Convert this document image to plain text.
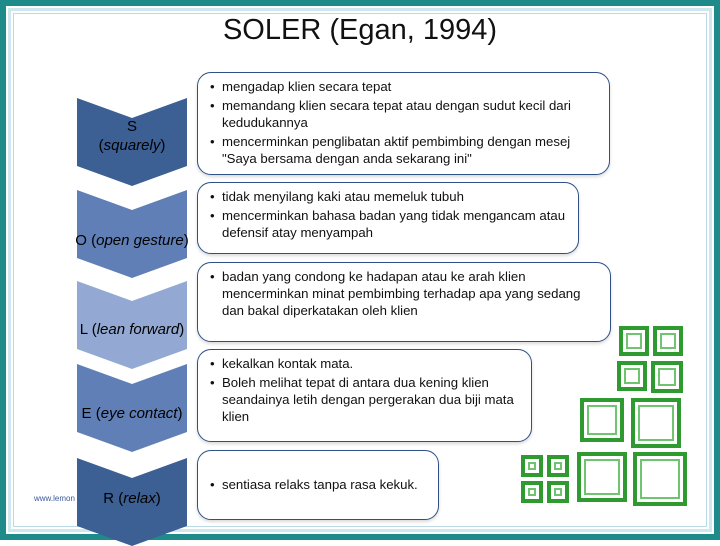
SOLER (Egan, 1994)
S
(squarely)
O (open gesture)
L (lean forward)
E (eye contact)
R (relax)
• mengadap klien secara tepat
• memandang klien secara tepat atau dengan sudut kecil dari kedudukannya
• mencerminkan penglibatan aktif pembimbing dengan mesej "Saya bersama dengan anda sekarang ini"
• tidak menyilang kaki atau memeluk tubuh
• mencerminkan bahasa badan yang tidak mengancam atau defensif atay menyampah
• badan yang condong ke hadapan atau ke arah klien mencerminkan minat pembimbing terhadap apa yang sedang dan bakal diperkatakan oleh klien
• kekalkan kontak mata.
• Boleh melihat tepat di antara dua kening klien seandainya letih dengan pergerakan dua biji mata klien
• sentiasa relaks tanpa rasa kekuk.
www.lemon
